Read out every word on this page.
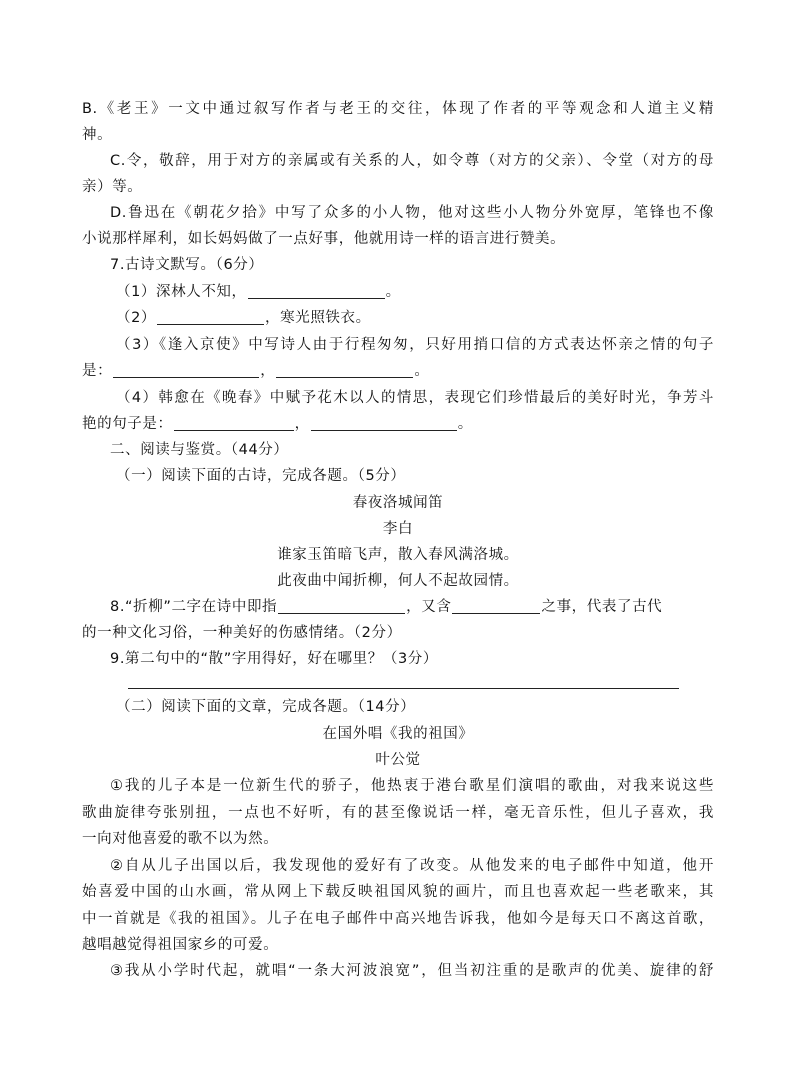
B.《老王》一文中通过叙写作者与老王的交往，体现了作者的平等观念和人道主义精

神。

C.令，敬辞，用于对方的亲属或有关系的人，如令尊（对方的父亲）、令堂（对方的母

亲）等。

D.鲁迅在《朝花夕拾》中写了众多的小人物，他对这些小人物分外宽厚，笔锋也不像

小说那样犀利，如长妈妈做了一点好事，他就用诗一样的语言进行赞美。

7.古诗文默写。（6分）

（1）深林人不知，	。

（2）	，寒光照铁衣。

（3）《逢入京使》中写诗人由于行程匆匆，只好用捎口信的方式表达怀亲之情的句子

是：	，	。

（4）韩愈在《晚春》中赋予花木以人的情思，表现它们珍惜最后的美好时光，争芳斗

艳的句子是：	，	。

二、阅读与鉴赏。（44分）

（一）阅读下面的古诗，完成各题。（5分）

春夜洛城闻笛

李白

谁家玉笛暗飞声，散入春风满洛城。

此夜曲中闻折柳，何人不起故园情。

8.“折柳”二字在诗中即指	，又含	之事，代表了古代

的一种文化习俗，一种美好的伤感情绪。（2分）

9.第二句中的“散”字用得好，好在哪里？（3分）

（二）阅读下面的文章，完成各题。（14分）

在国外唱《我的祖国》

叶公觉

①我的儿子本是一位新生代的骄子，他热衷于港台歌星们演唱的歌曲，对我来说这些

歌曲旋律夸张别扭，一点也不好听，有的甚至像说话一样，毫无音乐性，但儿子喜欢，我

一向对他喜爱的歌不以为然。

②自从儿子出国以后，我发现他的爱好有了改变。从他发来的电子邮件中知道，他开

始喜爱中国的山水画，常从网上下载反映祖国风貌的画片，而且也喜欢起一些老歌来，其

中一首就是《我的祖国》。儿子在电子邮件中高兴地告诉我，他如今是每天口不离这首歌，

越唱越觉得祖国家乡的可爱。

③我从小学时代起，就唱“一条大河波浪宽”，但当初注重的是歌声的优美、旋律的舒
